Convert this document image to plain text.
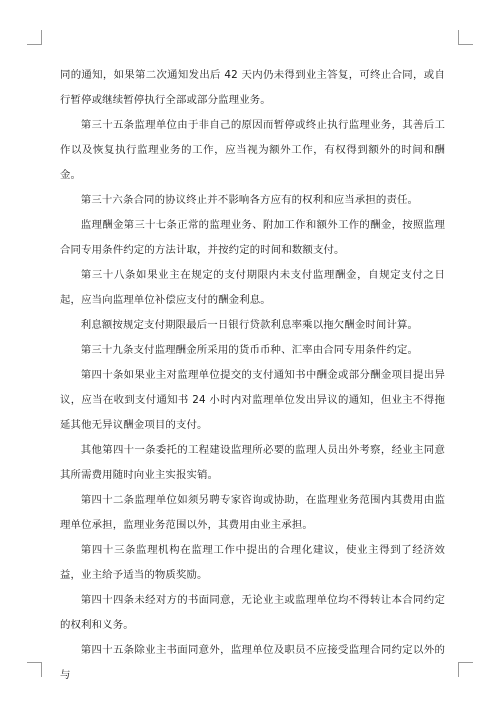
同的通知，如果第二次通知发出后 42 天内仍未得到业主答复，可终止合同，或自行暂停或继续暂停执行全部或部分监理业务。

第三十五条监理单位由于非自己的原因而暂停或终止执行监理业务，其善后工作以及恢复执行监理业务的工作，应当视为额外工作，有权得到额外的时间和酬金。

第三十六条合同的协议终止并不影响各方应有的权利和应当承担的责任。

监理酬金第三十七条正常的监理业务、附加工作和额外工作的酬金，按照监理合同专用条件约定的方法计取，并按约定的时间和数额支付。

第三十八条如果业主在规定的支付期限内未支付监理酬金，自规定支付之日起，应当向监理单位补偿应支付的酬金利息。

利息额按规定支付期限最后一日银行贷款利息率乘以拖欠酬金时间计算。

第三十九条支付监理酬金所采用的货币币种、汇率由合同专用条件约定。

第四十条如果业主对监理单位提交的支付通知书中酬金或部分酬金项目提出异议，应当在收到支付通知书 24 小时内对监理单位发出异议的通知，但业主不得拖延其他无异议酬金项目的支付。

其他第四十一条委托的工程建设监理所必要的监理人员出外考察，经业主同意其所需费用随时向业主实报实销。

第四十二条监理单位如须另聘专家咨询或协助，在监理业务范围内其费用由监理单位承担，监理业务范围以外，其费用由业主承担。

第四十三条监理机构在监理工作中提出的合理化建议，使业主得到了经济效益，业主给予适当的物质奖励。

第四十四条未经对方的书面同意，无论业主或监理单位均不得转让本合同约定的权利和义务。

第四十五条除业主书面同意外，监理单位及职员不应接受监理合同约定以外的与
